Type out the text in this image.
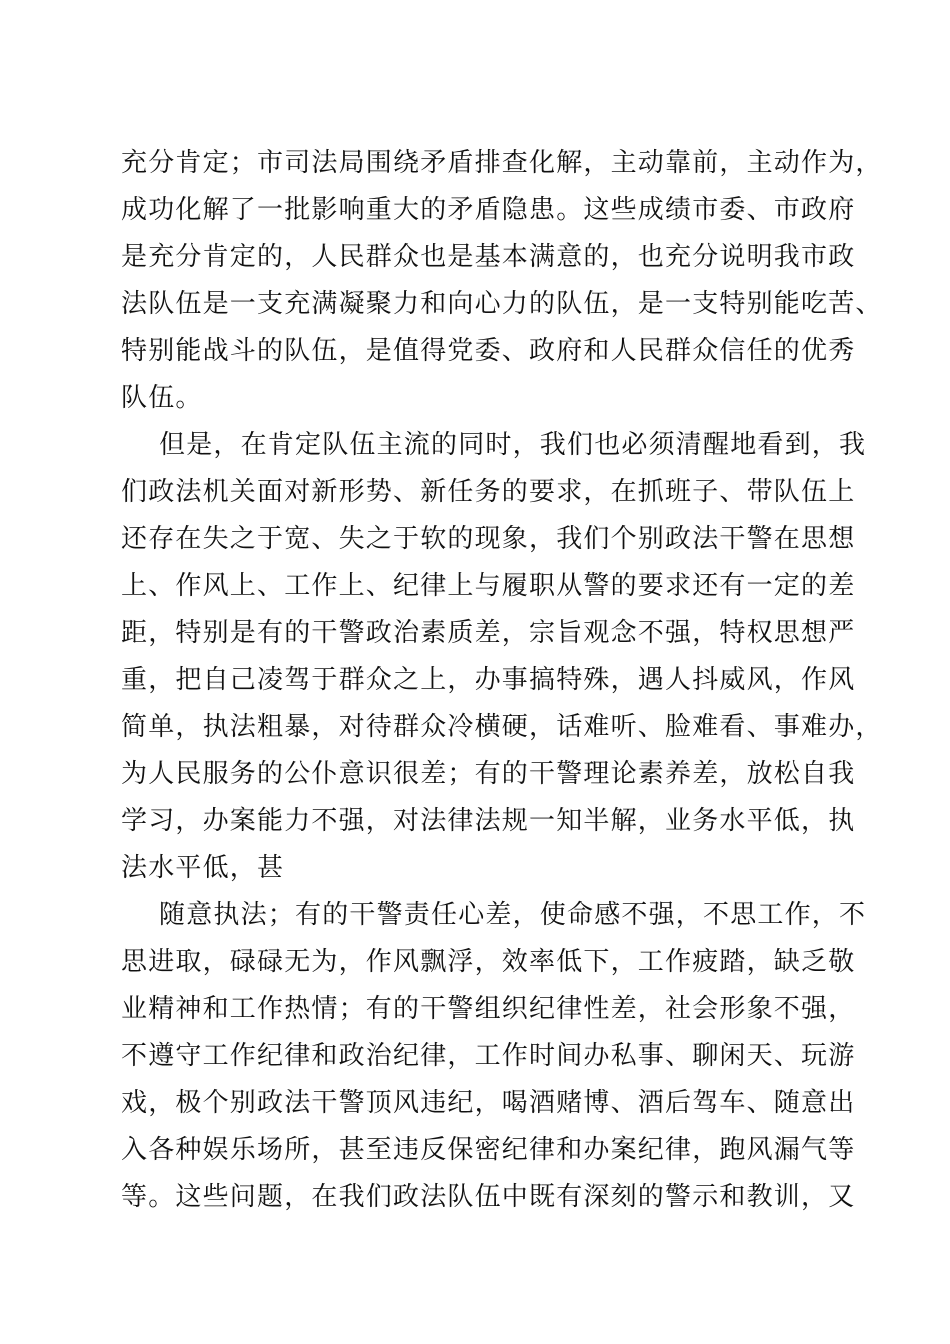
充分肯定；市司法局围绕矛盾排查化解，主动靠前，主动作为，
成功化解了一批影响重大的矛盾隐患。这些成绩市委、市政府
是充分肯定的，人民群众也是基本满意的，也充分说明我市政
法队伍是一支充满凝聚力和向心力的队伍，是一支特别能吃苦、
特别能战斗的队伍，是值得党委、政府和人民群众信任的优秀
队伍。
但是，在肯定队伍主流的同时，我们也必须清醒地看到，我
们政法机关面对新形势、新任务的要求，在抓班子、带队伍上
还存在失之于宽、失之于软的现象，我们个别政法干警在思想
上、作风上、工作上、纪律上与履职从警的要求还有一定的差
距，特别是有的干警政治素质差，宗旨观念不强，特权思想严
重，把自己凌驾于群众之上，办事搞特殊，遇人抖威风，作风
简单，执法粗暴，对待群众冷横硬，话难听、脸难看、事难办，
为人民服务的公仆意识很差；有的干警理论素养差，放松自我
学习，办案能力不强，对法律法规一知半解，业务水平低，执
法水平低，甚
随意执法；有的干警责任心差，使命感不强，不思工作，不
思进取，碌碌无为，作风飘浮，效率低下，工作疲踏，缺乏敬
业精神和工作热情；有的干警组织纪律性差，社会形象不强，
不遵守工作纪律和政治纪律，工作时间办私事、聊闲天、玩游
戏，极个别政法干警顶风违纪，喝酒赌博、酒后驾车、随意出
入各种娱乐场所，甚至违反保密纪律和办案纪律，跑风漏气等
等。这些问题，在我们政法队伍中既有深刻的警示和教训，又
